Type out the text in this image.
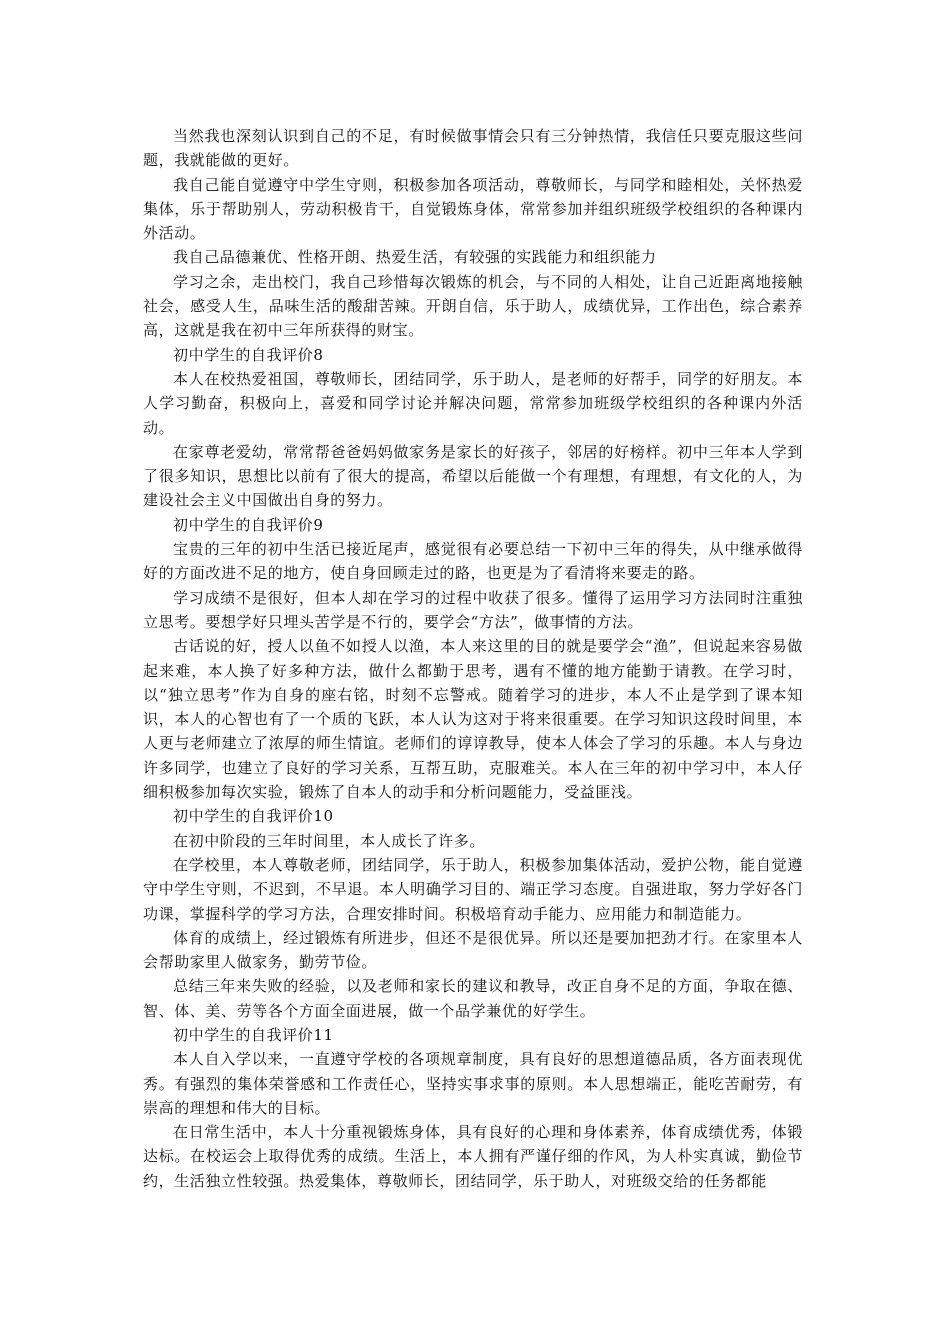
当然我也深刻认识到自己的不足，有时候做事情会只有三分钟热情，我信任只要克服这些问题，我就能做的更好。

我自己能自觉遵守中学生守则，积极参加各项活动，尊敬师长，与同学和睦相处，关怀热爱集体，乐于帮助别人，劳动积极肯干，自觉锻炼身体，常常参加并组织班级学校组织的各种课内外活动。

我自己品德兼优、性格开朗、热爱生活，有较强的实践能力和组织能力

学习之余，走出校门，我自己珍惜每次锻炼的机会，与不同的人相处，让自己近距离地接触社会，感受人生，品味生活的酸甜苦辣。开朗自信，乐于助人，成绩优异，工作出色，综合素养高，这就是我在初中三年所获得的财宝。

初中学生的自我评价8

本人在校热爱祖国，尊敬师长，团结同学，乐于助人，是老师的好帮手，同学的好朋友。本人学习勤奋，积极向上，喜爱和同学讨论并解决问题，常常参加班级学校组织的各种课内外活动。

在家尊老爱幼，常常帮爸爸妈妈做家务是家长的好孩子，邻居的好榜样。初中三年本人学到了很多知识，思想比以前有了很大的提高，希望以后能做一个有理想，有理想，有文化的人，为建设社会主义中国做出自身的努力。

初中学生的自我评价9

宝贵的三年的初中生活已接近尾声，感觉很有必要总结一下初中三年的得失，从中继承做得好的方面改进不足的地方，使自身回顾走过的路，也更是为了看清将来要走的路。

学习成绩不是很好，但本人却在学习的过程中收获了很多。懂得了运用学习方法同时注重独立思考。要想学好只埋头苦学是不行的，要学会“方法”，做事情的方法。

古话说的好，授人以鱼不如授人以渔，本人来这里的目的就是要学会“渔”，但说起来容易做起来难，本人换了好多种方法，做什么都勤于思考，遇有不懂的地方能勤于请教。在学习时，以“独立思考”作为自身的座右铭，时刻不忘警戒。随着学习的进步，本人不止是学到了课本知识，本人的心智也有了一个质的飞跃，本人认为这对于将来很重要。在学习知识这段时间里，本人更与老师建立了浓厚的师生情谊。老师们的谆谆教导，使本人体会了学习的乐趣。本人与身边许多同学，也建立了良好的学习关系，互帮互助，克服难关。本人在三年的初中学习中，本人仔细积极参加每次实验，锻炼了自本人的动手和分析问题能力，受益匪浅。

初中学生的自我评价10

在初中阶段的三年时间里，本人成长了许多。

在学校里，本人尊敬老师，团结同学，乐于助人，积极参加集体活动，爱护公物，能自觉遵守中学生守则，不迟到，不早退。本人明确学习目的、端正学习态度。自强进取，努力学好各门功课，掌握科学的学习方法，合理安排时间。积极培育动手能力、应用能力和制造能力。

体育的成绩上，经过锻炼有所进步，但还不是很优异。所以还是要加把劲才行。在家里本人会帮助家里人做家务，勤劳节俭。

总结三年来失败的经验，以及老师和家长的建议和教导，改正自身不足的方面，争取在德、智、体、美、劳等各个方面全面进展，做一个品学兼优的好学生。

初中学生的自我评价11

本人自入学以来，一直遵守学校的各项规章制度，具有良好的思想道德品质，各方面表现优秀。有强烈的集体荣誉感和工作责任心，坚持实事求事的原则。本人思想端正，能吃苦耐劳，有崇高的理想和伟大的目标。

在日常生活中，本人十分重视锻炼身体，具有良好的心理和身体素养，体育成绩优秀，体锻达标。在校运会上取得优秀的成绩。生活上，本人拥有严谨仔细的作风，为人朴实真诚，勤俭节约，生活独立性较强。热爱集体，尊敬师长，团结同学，乐于助人，对班级交给的任务都能
